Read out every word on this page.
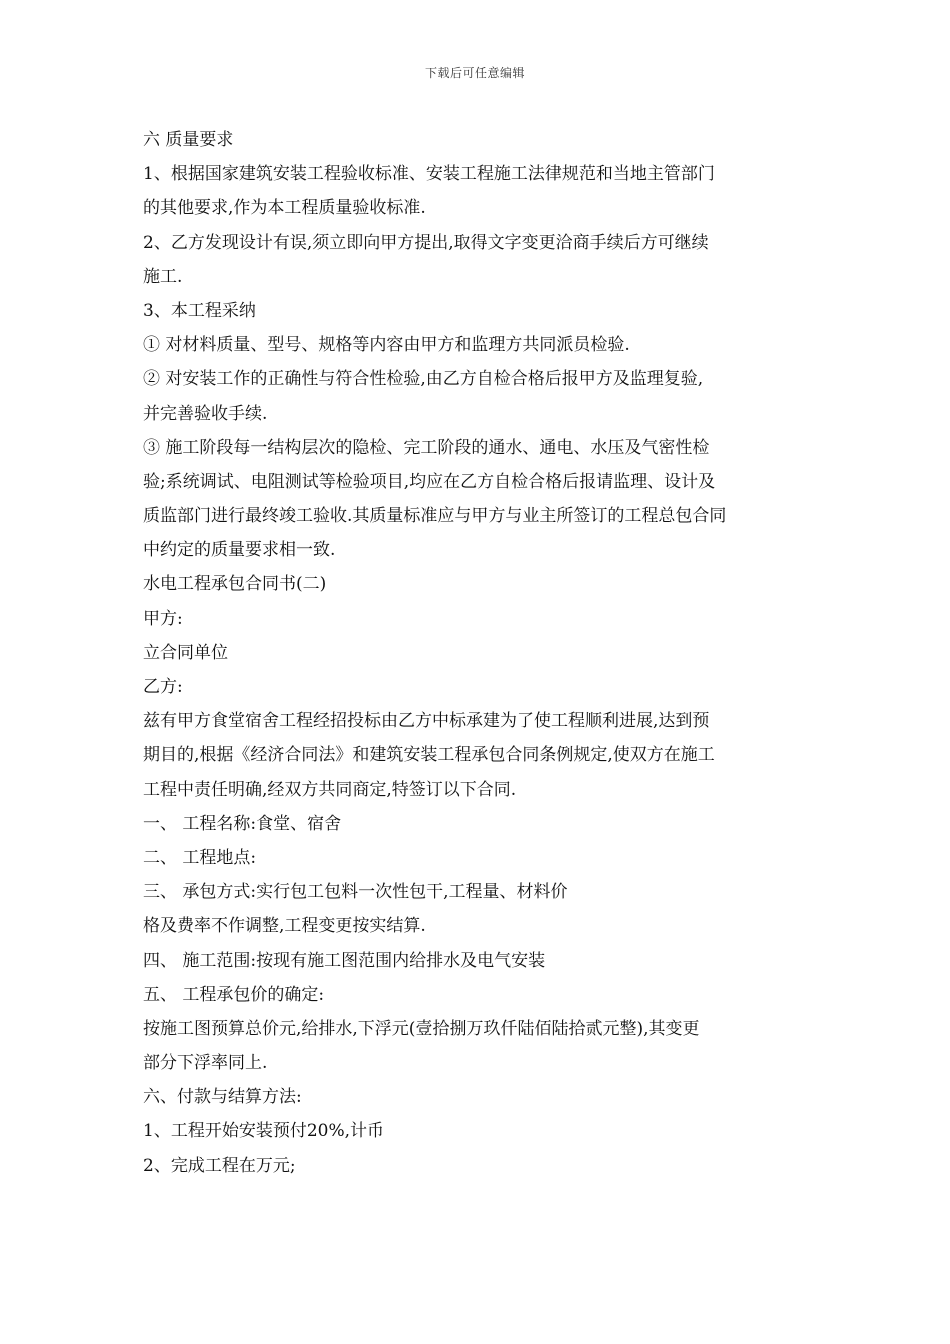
下载后可任意编辑
六 质量要求
1、根据国家建筑安装工程验收标准、安装工程施工法律规范和当地主管部门
的其他要求,作为本工程质量验收标准.
2、乙方发现设计有误,须立即向甲方提出,取得文字变更洽商手续后方可继续
施工.
3、本工程采纳
① 对材料质量、型号、规格等内容由甲方和监理方共同派员检验.
② 对安装工作的正确性与符合性检验,由乙方自检合格后报甲方及监理复验,
并完善验收手续.
③ 施工阶段每一结构层次的隐检、完工阶段的通水、通电、水压及气密性检
验;系统调试、电阻测试等检验项目,均应在乙方自检合格后报请监理、设计及
质监部门进行最终竣工验收.其质量标准应与甲方与业主所签订的工程总包合同
中约定的质量要求相一致.
水电工程承包合同书(二)
甲方:
立合同单位
乙方:
兹有甲方食堂宿舍工程经招投标由乙方中标承建为了使工程顺利进展,达到预
期目的,根据《经济合同法》和建筑安装工程承包合同条例规定,使双方在施工
工程中责任明确,经双方共同商定,特签订以下合同.
一、 工程名称:食堂、宿舍
二、 工程地点:
三、 承包方式:实行包工包料一次性包干,工程量、材料价
格及费率不作调整,工程变更按实结算.
四、 施工范围:按现有施工图范围内给排水及电气安装
五、 工程承包价的确定:
按施工图预算总价元,给排水,下浮元(壹拾捌万玖仟陆佰陆拾贰元整),其变更
部分下浮率同上.
六、付款与结算方法:
1、工程开始安装预付20%,计币
2、完成工程在万元;
